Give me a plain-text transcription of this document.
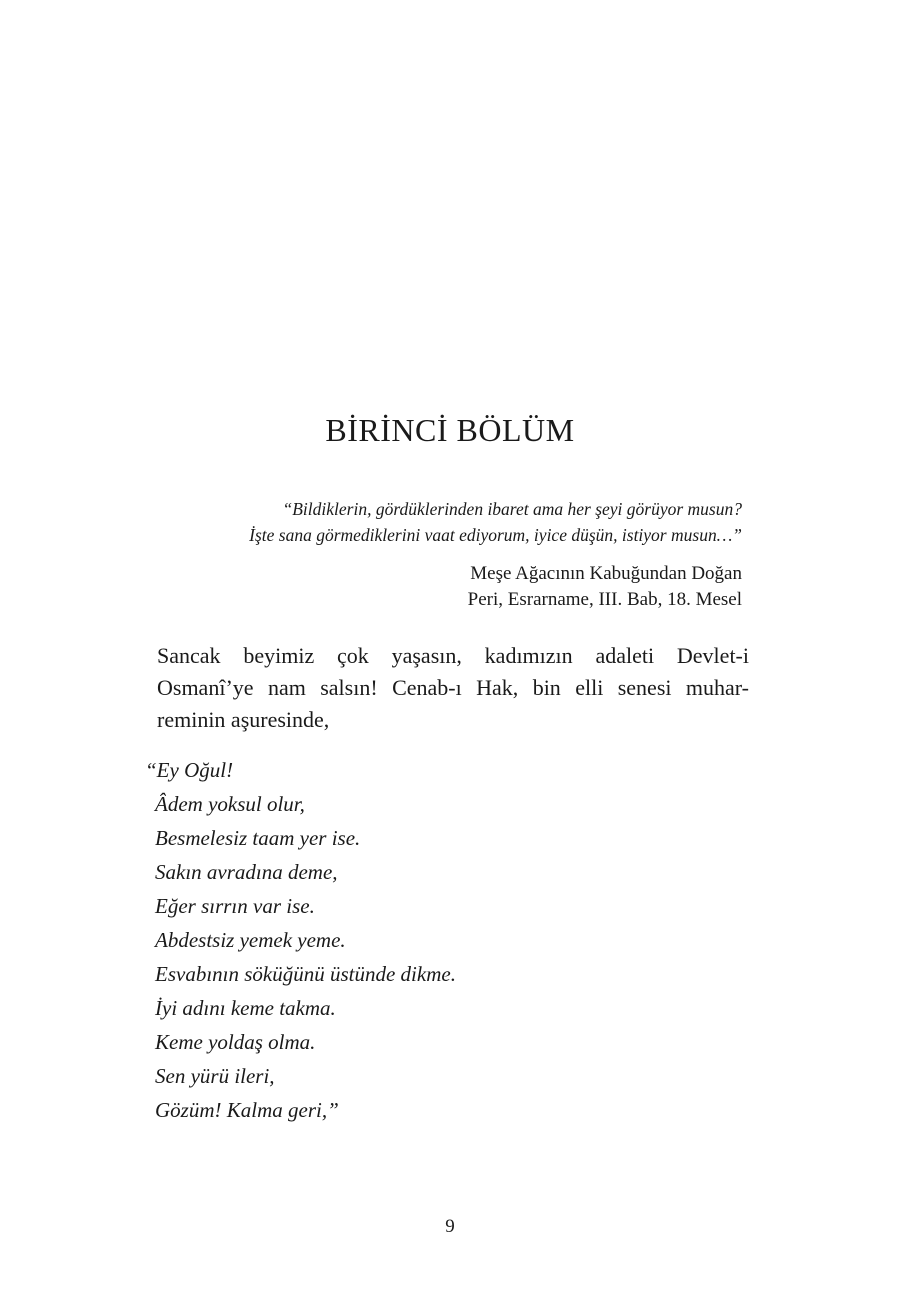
BİRİNCİ BÖLÜM
“Bildiklerin, gördüklerinden ibaret ama her şeyi görüyor musun?
İşte sana görmediklerini vaat ediyorum, iyice düşün, istiyor musun…”
Meşe Ağacının Kabuğundan Doğan
Peri, Esrarname, III. Bab, 18. Mesel
Sancak beyimiz çok yaşasın, kadımızın adaleti Devlet-i
Osmanî’ye nam salsın! Cenab-ı Hak, bin elli senesi muhar-
reminin aşuresinde,
“Ey Oğul!
Âdem yoksul olur,
Besmelesiz taam yer ise.
Sakın avradına deme,
Eğer sırrın var ise.
Abdestsiz yemek yeme.
Esvabının söküğünü üstünde dikme.
İyi adını keme takma.
Keme yoldaş olma.
Sen yürü ileri,
Gözüm! Kalma geri,”
9
